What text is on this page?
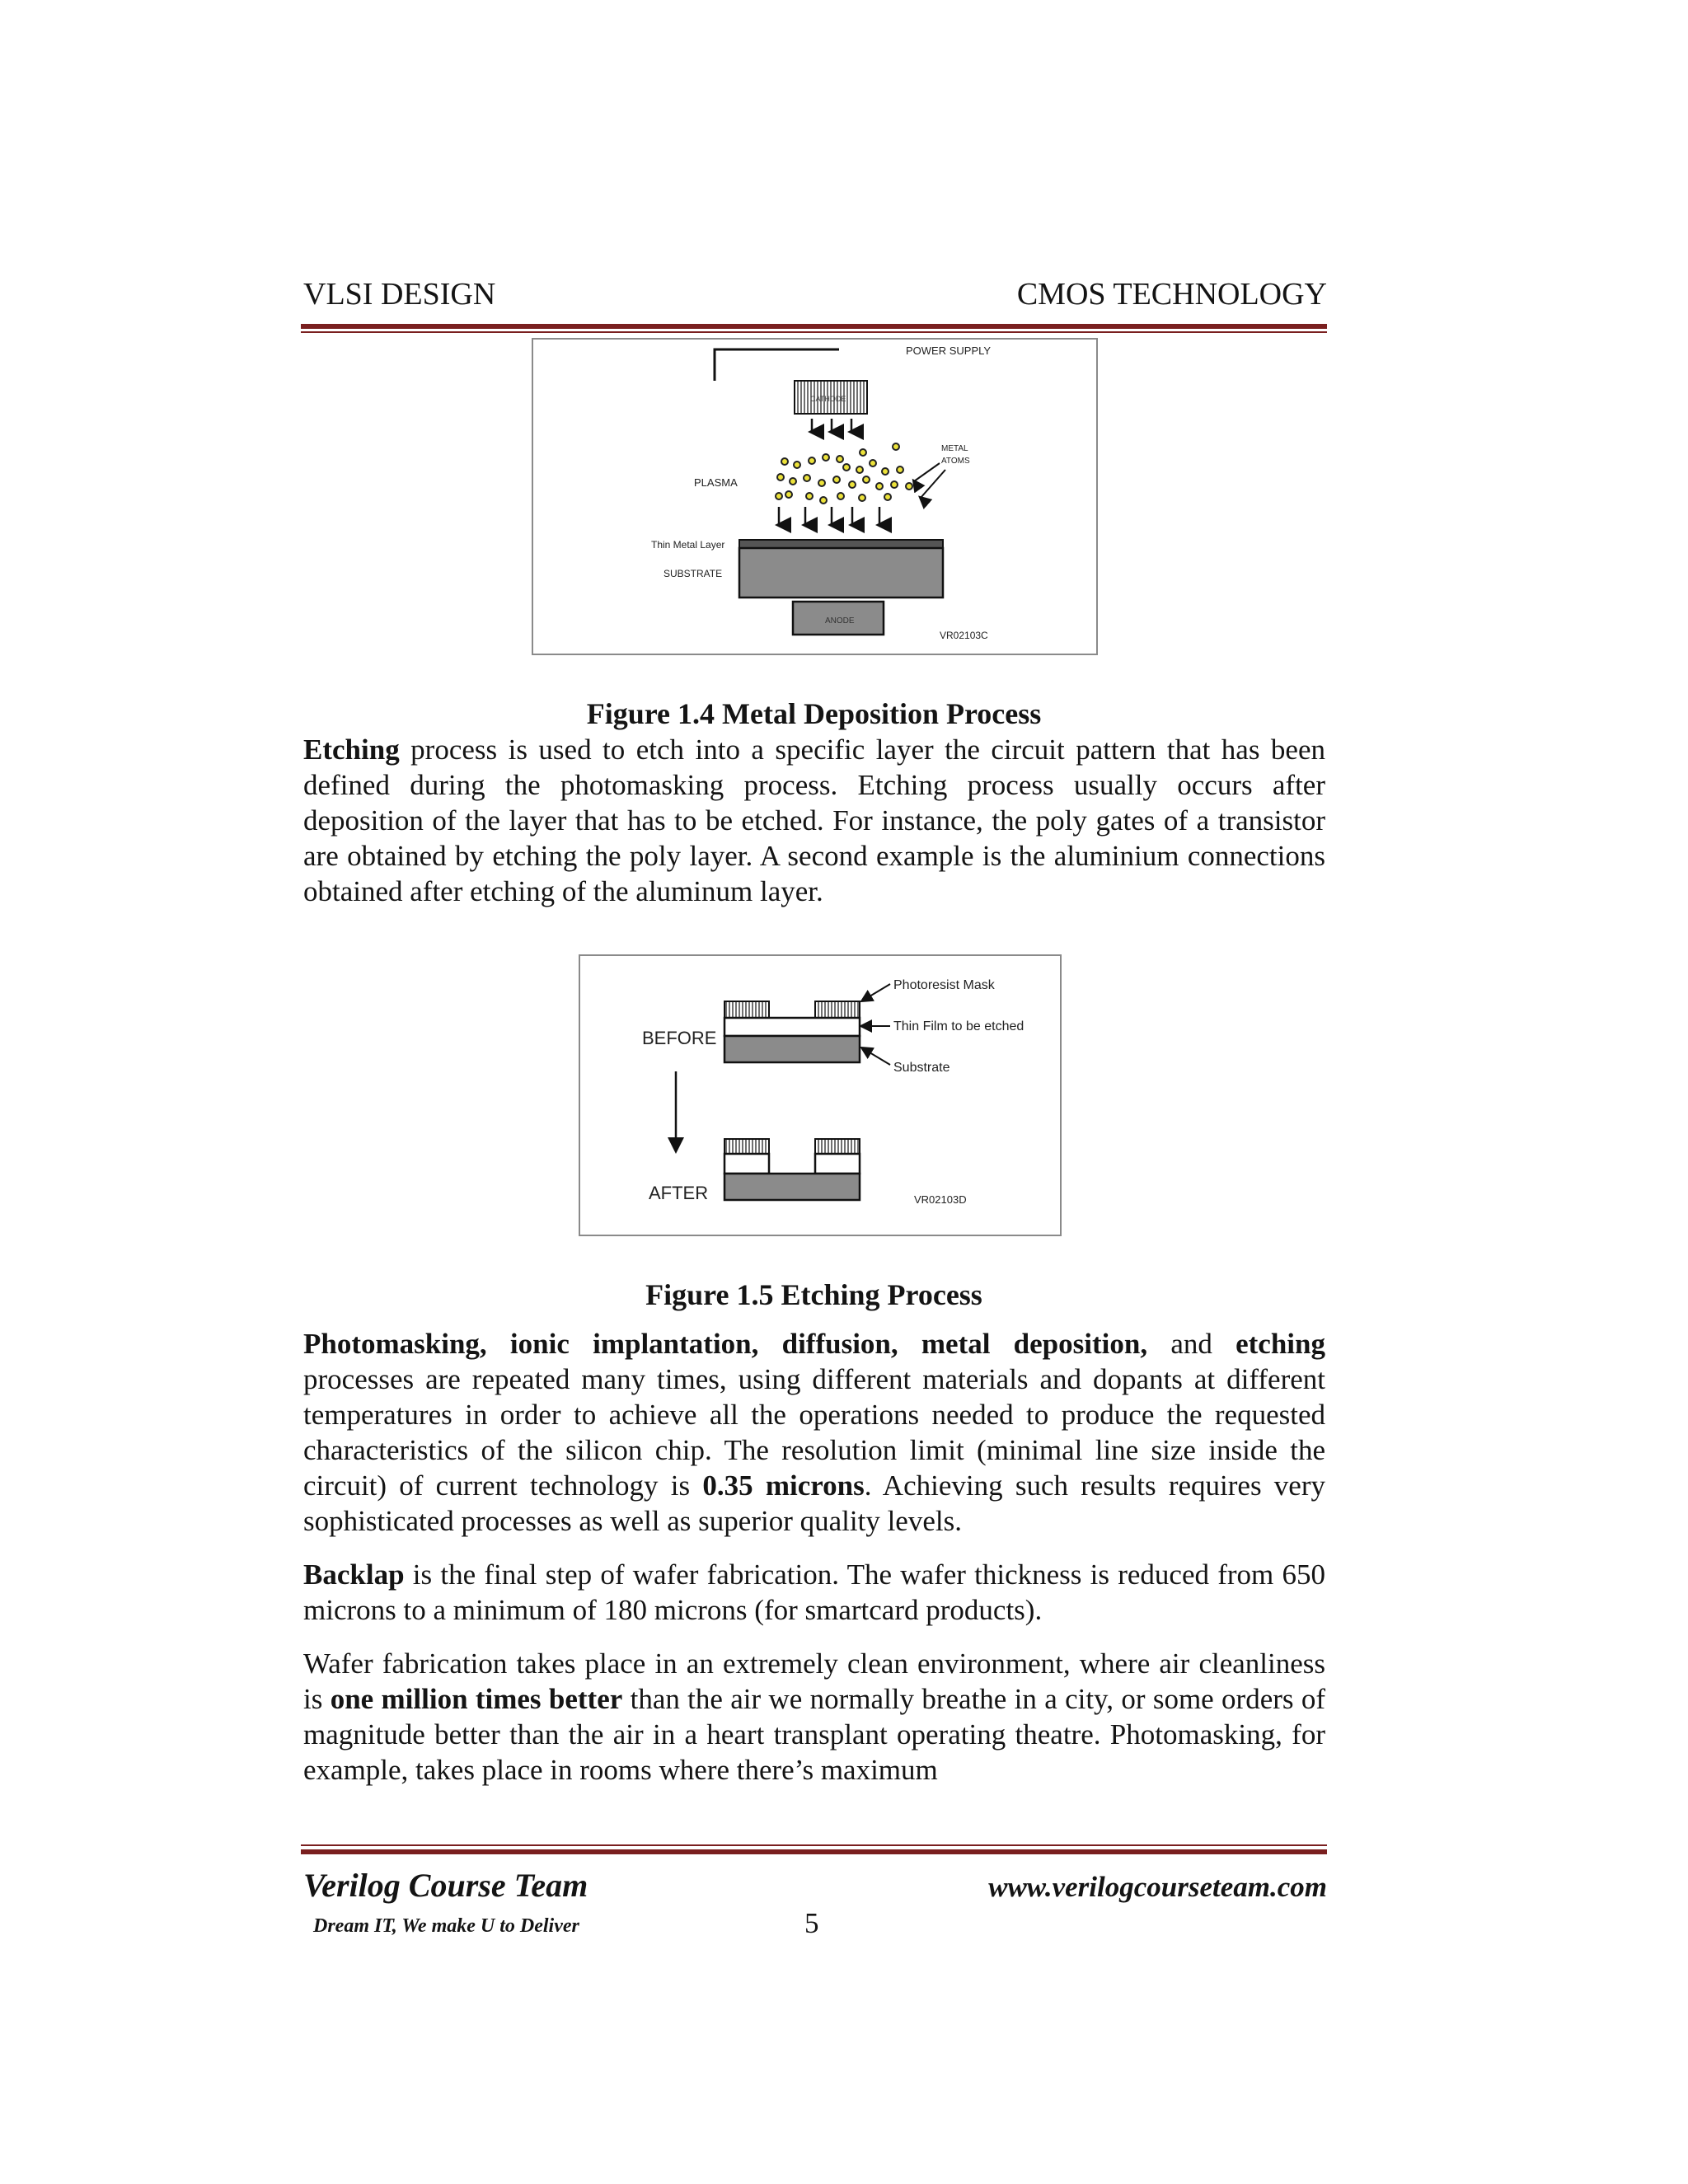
VLSI DESIGN	CMOS TECHNOLOGY
POWER SUPPLY
CATHODE
METAL
ATOMS
PLASMA
Thin Metal Layer
SUBSTRATE
ANODE
VR02103C
Figure 1.4 Metal Deposition Process

Etching process is used to etch into a specific layer the circuit pattern that has been defined during the photomasking process. Etching process usually occurs after deposition of the layer that has to be etched. For instance, the poly gates of a transistor are obtained by etching the poly layer. A second example is the aluminium connections obtained after etching of the aluminum layer.

BEFORE
Photoresist Mask
Thin Film to be etched
Substrate
AFTER	VR02103D
Figure 1.5 Etching Process

Photomasking, ionic implantation, diffusion, metal deposition, and etching processes are repeated many times, using different materials and dopants at different temperatures in order to achieve all the operations needed to produce the requested characteristics of the silicon chip. The resolution limit (minimal line size inside the circuit) of current technology is 0.35 microns. Achieving such results requires very sophisticated processes as well as superior quality levels.

Backlap is the final step of wafer fabrication. The wafer thickness is reduced from 650 microns to a minimum of 180 microns (for smartcard products).

Wafer fabrication takes place in an extremely clean environment, where air cleanliness is one million times better than the air we normally breathe in a city, or some orders of magnitude better than the air in a heart transplant operating theatre. Photomasking, for example, takes place in rooms where there’s maximum

Verilog Course Team	www.verilogcourseteam.com
Dream IT, We make U to Deliver	5
